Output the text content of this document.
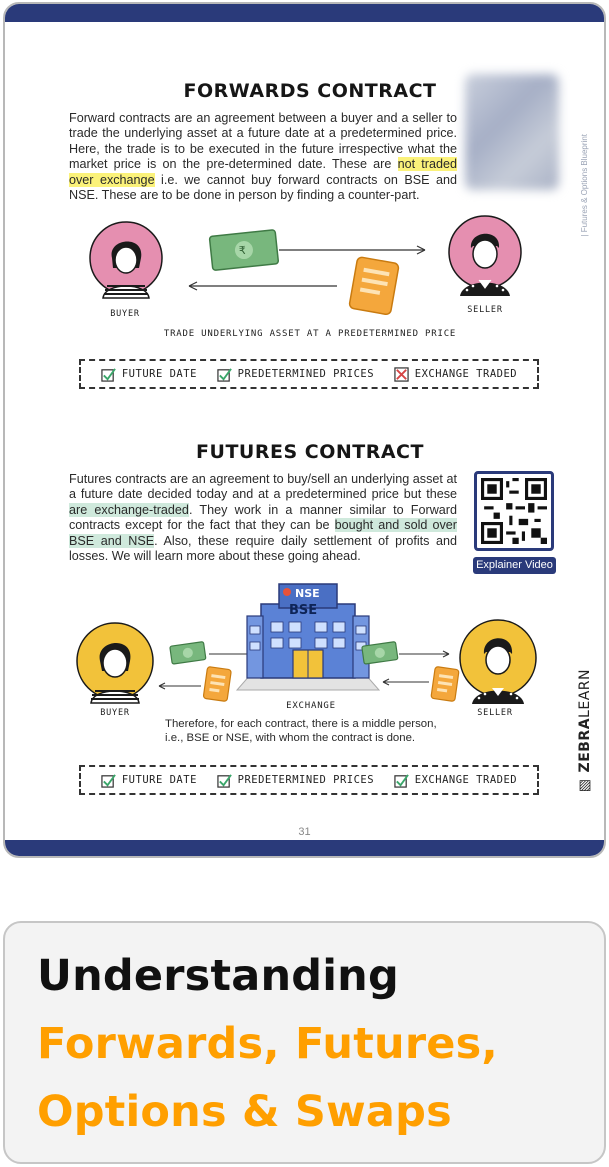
FORWARDS CONTRACT
| Futures & Options Blueprint
Forward contracts are an agreement between a buyer and a seller to trade the underlying asset at a future date at a predetermined price. Here, the trade is to be executed in the future irrespective what the market price is on the pre-determined date. These are not traded over exchange i.e. we cannot buy forward contracts on BSE and NSE. These are to be done in person by finding a counter-part.
BUYER	SELLER
₹
TRADE UNDERLYING ASSET AT A PREDETERMINED PRICE
FUTURE DATE	PREDETERMINED PRICES	EXCHANGE TRADED
FUTURES CONTRACT
Futures contracts are an agreement to buy/sell an underlying asset at a future date decided today and at a predetermined price but these are exchange-traded. They work in a manner similar to Forward contracts except for the fact that they can be bought and sold over BSE and NSE. Also, these require daily settlement of profits and losses. We will learn more about these going ahead.
Explainer Video
BUYER	SELLER
NSE
BSE
EXCHANGE
Therefore, for each contract, there is a middle person, i.e., BSE or NSE, with whom the contract is done.
FUTURE DATE	PREDETERMINED PRICES	EXCHANGE TRADED	▨ ZEBRALEARN
31
Understanding
Forwards, Futures,
Options & Swaps
